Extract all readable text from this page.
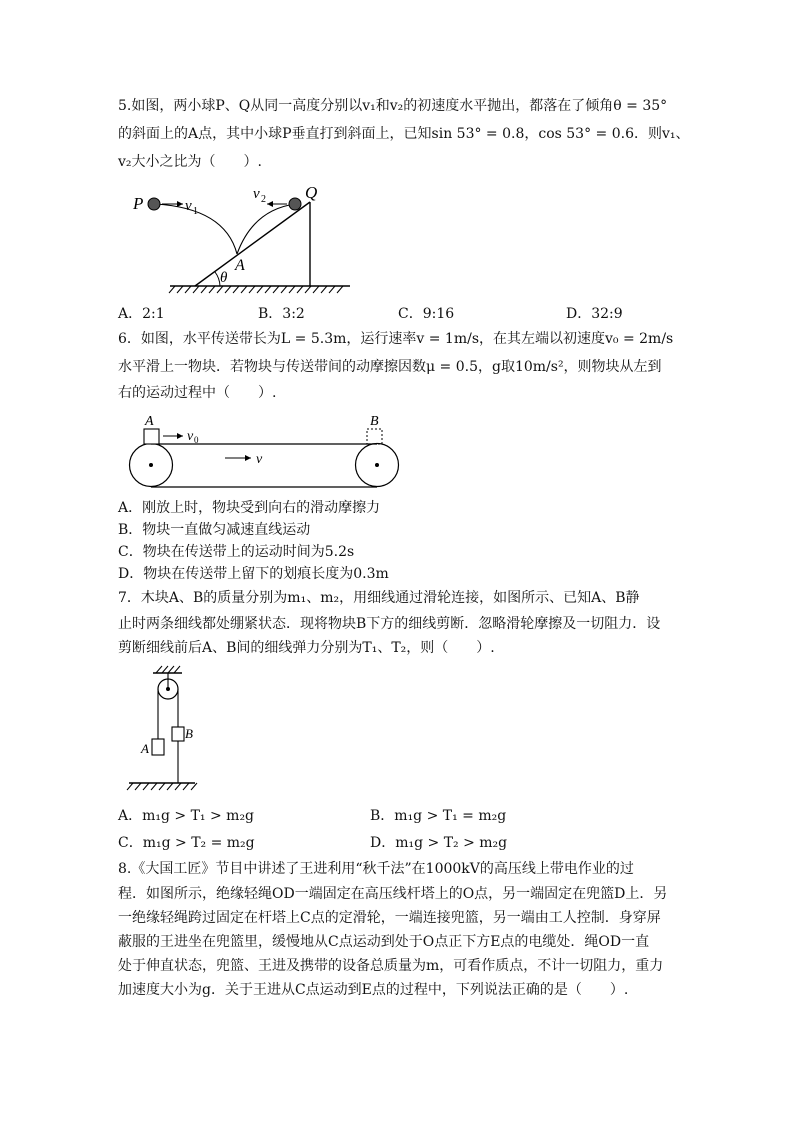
5.如图，两小球P、Q从同一高度分别以v₁和v₂的初速度水平抛出，都落在了倾角θ = 35°
的斜面上的A点，其中小球P垂直打到斜面上，已知sin 53° = 0.8，cos 53° = 0.6．则v₁、
v₂大小之比为（　　）.
P	v 1
v 2 Q
A
θ
A．2:1	B．3:2	C．9:16	D．32:9
6．如图，水平传送带长为L = 5.3m，运行速率v = 1m/s，在其左端以初速度v₀ = 2m/s
水平滑上一物块．若物块与传送带间的动摩擦因数μ = 0.5，g取10m/s²，则物块从左到
右的运动过程中（　　）.
A	B
v 0
v
A．刚放上时，物块受到向右的滑动摩擦力
B．物块一直做匀减速直线运动
C．物块在传送带上的运动时间为5.2s
D．物块在传送带上留下的划痕长度为0.3m
7．木块A、B的质量分别为m₁、m₂，用细线通过滑轮连接，如图所示、已知A、B静
止时两条细线都处绷紧状态．现将物块B下方的细线剪断．忽略滑轮摩擦及一切阻力．设
剪断细线前后A、B间的细线弹力分别为T₁、T₂，则（　　）.
A
B
A．m₁g > T₁ > m₂g	B．m₁g > T₁ = m₂g
C．m₁g > T₂ = m₂g	D．m₁g > T₂ > m₂g
8.《大国工匠》节目中讲述了王进利用“秋千法”在1000kV的高压线上带电作业的过
程．如图所示，绝缘轻绳OD一端固定在高压线杆塔上的O点，另一端固定在兜篮D上．另
一绝缘轻绳跨过固定在杆塔上C点的定滑轮，一端连接兜篮，另一端由工人控制．身穿屏
蔽服的王进坐在兜篮里，缓慢地从C点运动到处于O点正下方E点的电缆处．绳OD一直
处于伸直状态，兜篮、王进及携带的设备总质量为m，可看作质点，不计一切阻力，重力
加速度大小为g．关于王进从C点运动到E点的过程中，下列说法正确的是（　　）.
